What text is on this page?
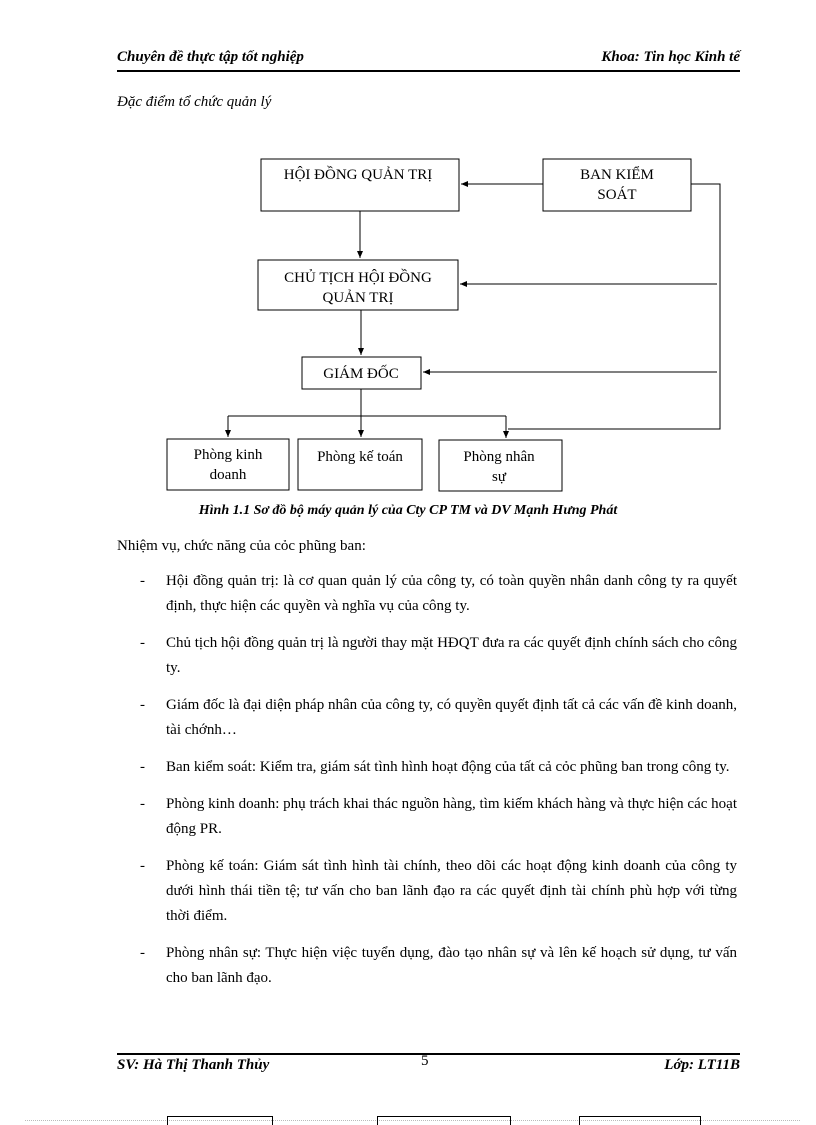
Chuyên đề thực tập tốt nghiệp	Khoa: Tin học Kinh tế
Đặc điểm tổ chức quản lý
HỘI ĐỒNG QUẢN TRỊ	BAN KIỂM
SOÁT
CHỦ TỊCH HỘI ĐỒNG
QUẢN TRỊ
GIÁM ĐỐC
Phòng kinh
doanh
Phòng kế toán	Phòng nhân
sự
Hình 1.1 Sơ đồ bộ máy quản lý của Cty CP TM và DV Mạnh Hưng Phát
Nhiệm vụ, chức năng của cỏc phũng ban:
- Hội đồng quản trị: là cơ quan quản lý của công ty, có toàn quyền nhân danh công ty ra quyết định, thực hiện các quyền và nghĩa vụ của công ty.
- Chủ tịch hội đồng quản trị là người thay mặt HĐQT đưa ra các quyết định chính sách cho công ty.
- Giám đốc là đại diện pháp nhân của công ty, có quyền quyết định tất cả các vấn đề kinh doanh, tài chớnh…
- Ban kiểm soát: Kiểm tra, giám sát tình hình hoạt động của tất cả cỏc phũng ban trong công ty.
- Phòng kinh doanh: phụ trách khai thác nguồn hàng, tìm kiếm khách hàng và thực hiện các hoạt động PR.
- Phòng kế toán: Giám sát tình hình tài chính, theo dõi các hoạt động kinh doanh của công ty dưới hình thái tiền tệ; tư vấn cho ban lãnh đạo ra các quyết định tài chính phù hợp với từng thời điểm.
- Phòng nhân sự: Thực hiện việc tuyển dụng, đào tạo nhân sự và lên kế hoạch sử dụng, tư vấn cho ban lãnh đạo.
SV: Hà Thị Thanh Thủy	5	Lớp: LT11B
